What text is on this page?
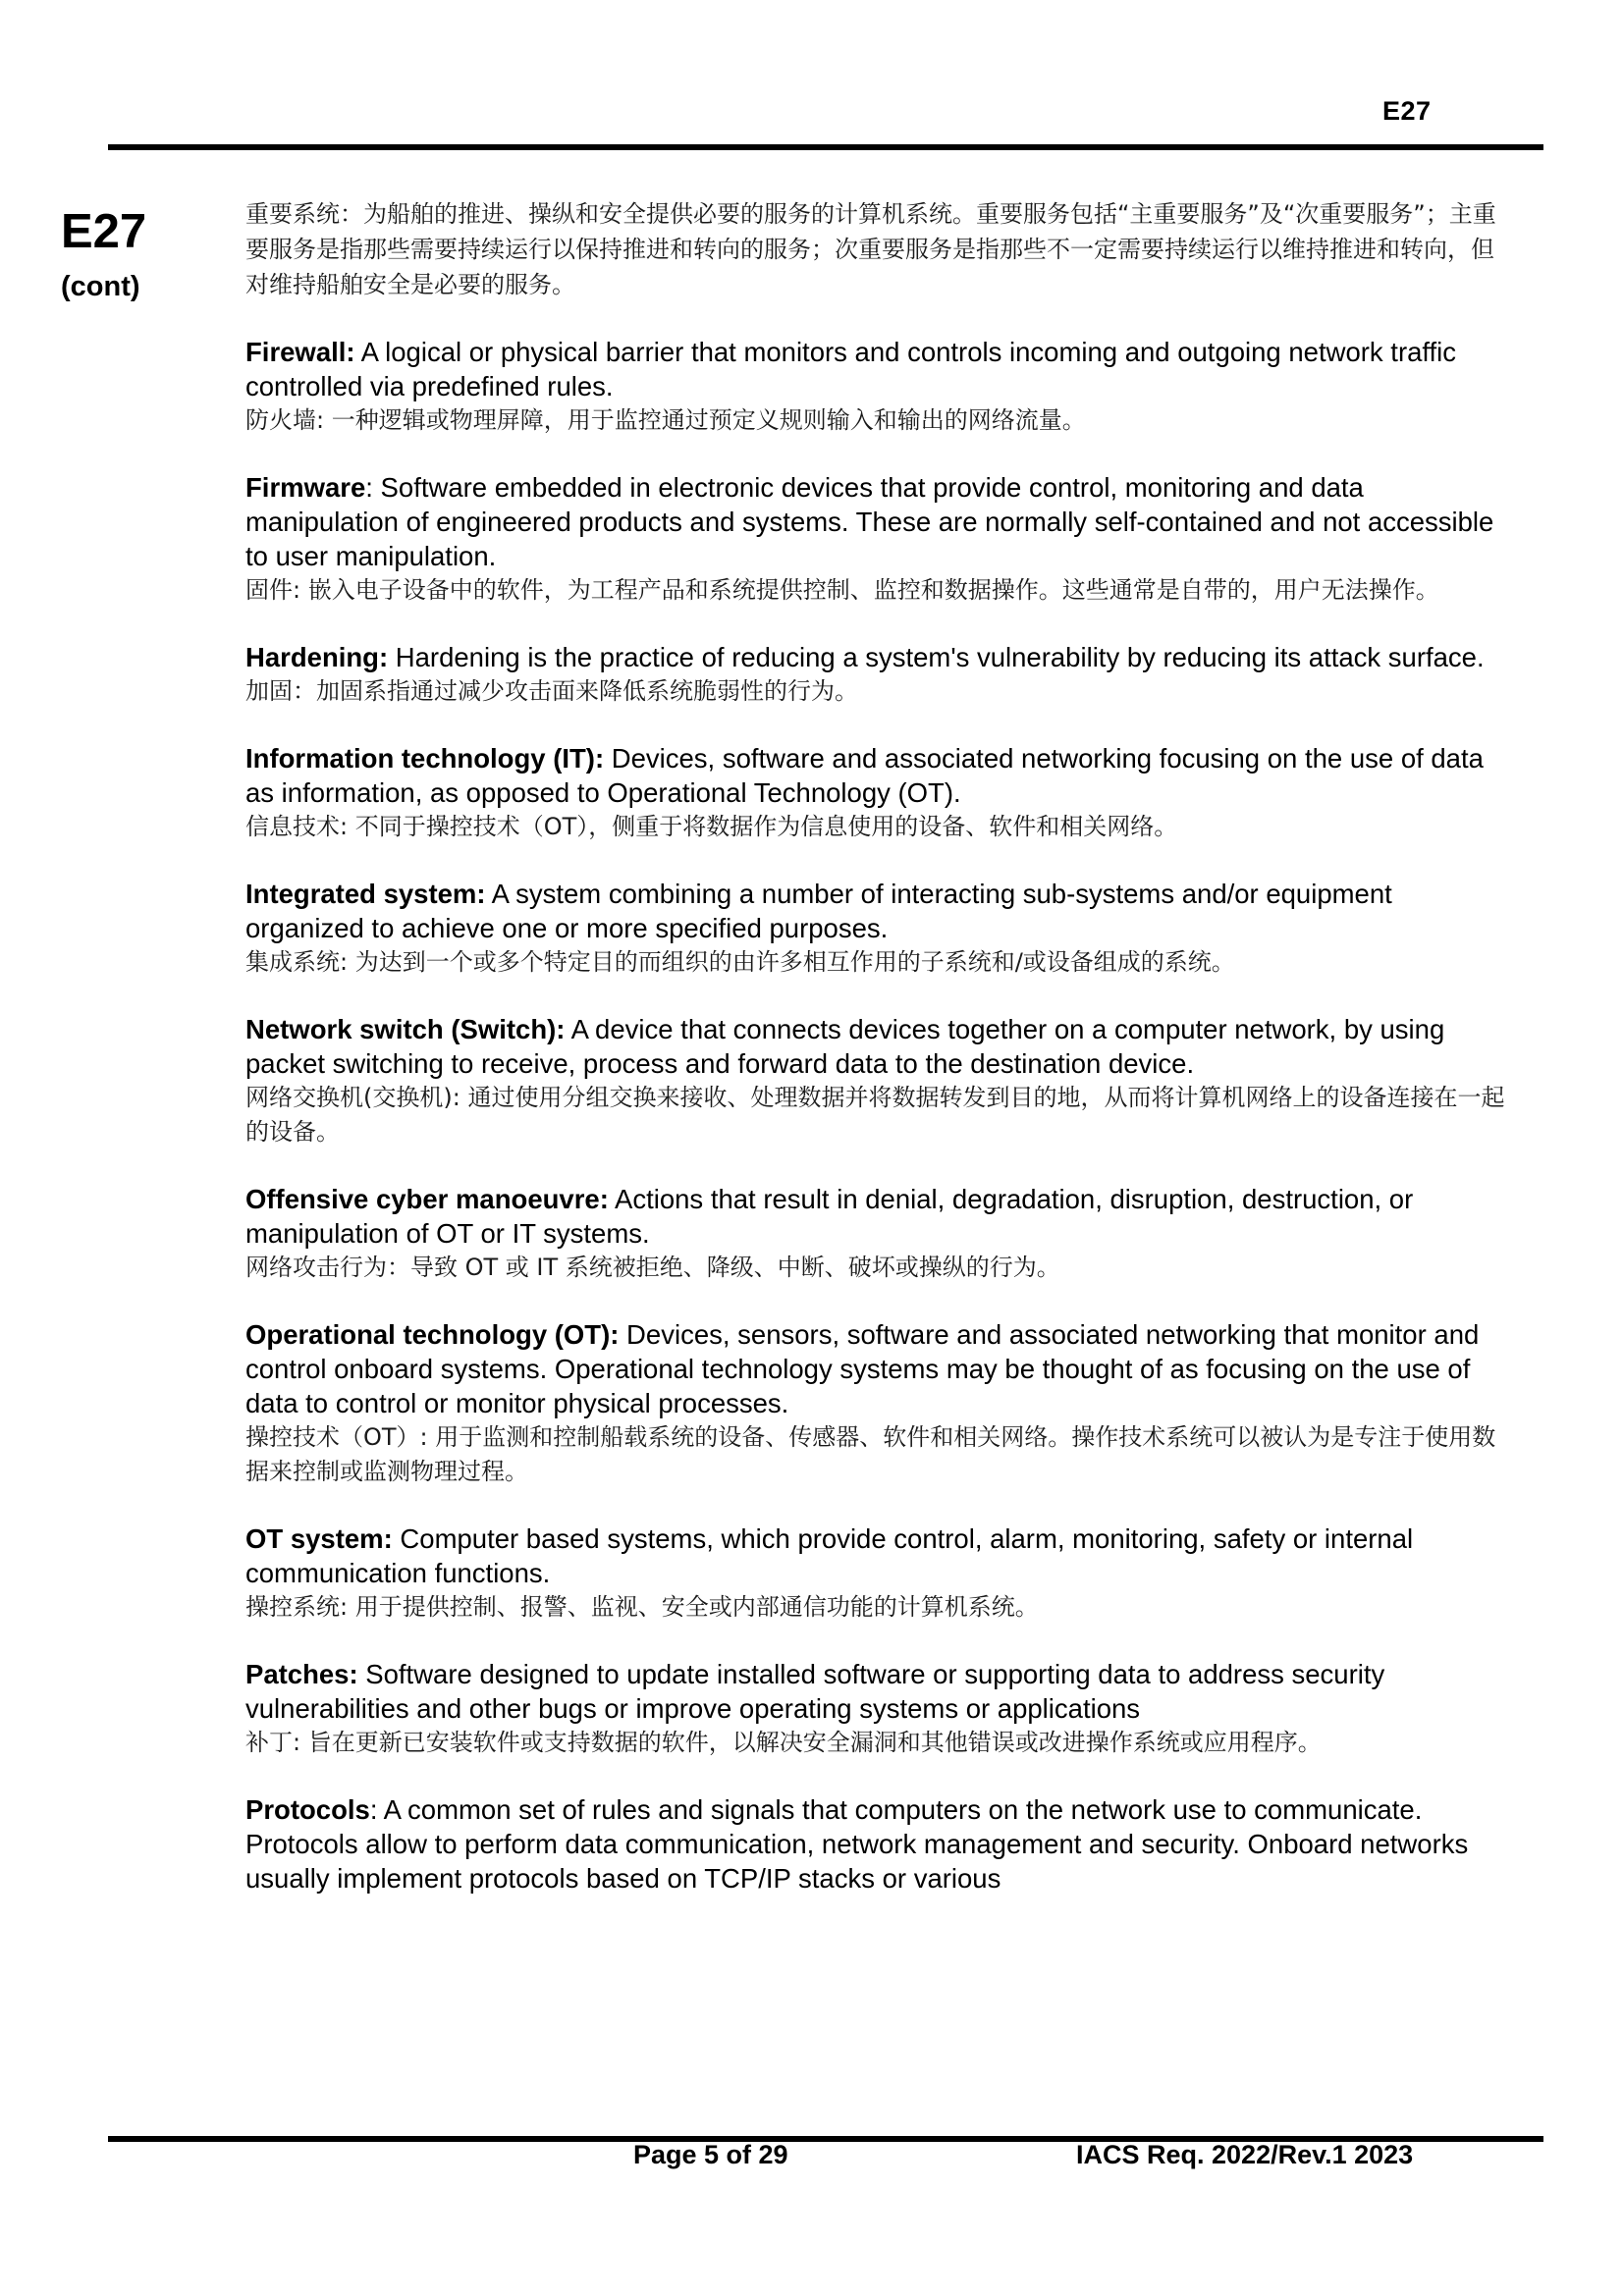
E27
E27
(cont)

重要系统：为船舶的推进、操纵和安全提供必要的服务的计算机系统。重要服务包括“主重要服务”及“次重要服务”；主重要服务是指那些需要持续运行以保持推进和转向的服务；次重要服务是指那些不一定需要持续运行以维持推进和转向，但对维持船舶安全是必要的服务。

Firewall: A logical or physical barrier that monitors and controls incoming and outgoing network traffic controlled via predefined rules.

防火墙: 一种逻辑或物理屏障，用于监控通过预定义规则输入和输出的网络流量。

Firmware: Software embedded in electronic devices that provide control, monitoring and data manipulation of engineered products and systems. These are normally self-contained and not accessible to user manipulation.

固件: 嵌入电子设备中的软件，为工程产品和系统提供控制、监控和数据操作。这些通常是自带的，用户无法操作。

Hardening: Hardening is the practice of reducing a system's vulnerability by reducing its attack surface.

加固：加固系指通过减少攻击面来降低系统脆弱性的行为。

Information technology (IT): Devices, software and associated networking focusing on the use of data as information, as opposed to Operational Technology (OT).

信息技术: 不同于操控技术（OT），侧重于将数据作为信息使用的设备、软件和相关网络。

Integrated system: A system combining a number of interacting sub-systems and/or equipment organized to achieve one or more specified purposes.

集成系统: 为达到一个或多个特定目的而组织的由许多相互作用的子系统和/或设备组成的系统。

Network switch (Switch): A device that connects devices together on a computer network, by using packet switching to receive, process and forward data to the destination device.

网络交换机(交换机): 通过使用分组交换来接收、处理数据并将数据转发到目的地，从而将计算机网络上的设备连接在一起的设备。

Offensive cyber manoeuvre: Actions that result in denial, degradation, disruption, destruction, or manipulation of OT or IT systems.

网络攻击行为：导致 OT 或 IT 系统被拒绝、降级、中断、破坏或操纵的行为。

Operational technology (OT): Devices, sensors, software and associated networking that monitor and control onboard systems. Operational technology systems may be thought of as focusing on the use of data to control or monitor physical processes.

操控技术（OT）: 用于监测和控制船载系统的设备、传感器、软件和相关网络。操作技术系统可以被认为是专注于使用数据来控制或监测物理过程。

OT system: Computer based systems, which provide control, alarm, monitoring, safety or internal communication functions.

操控系统: 用于提供控制、报警、监视、安全或内部通信功能的计算机系统。

Patches: Software designed to update installed software or supporting data to address security vulnerabilities and other bugs or improve operating systems or applications

补丁: 旨在更新已安装软件或支持数据的软件，以解决安全漏洞和其他错误或改进操作系统或应用程序。

Protocols: A common set of rules and signals that computers on the network use to communicate. Protocols allow to perform data communication, network management and security. Onboard networks usually implement protocols based on TCP/IP stacks or various

Page 5 of 29	IACS Req. 2022/Rev.1 2023
